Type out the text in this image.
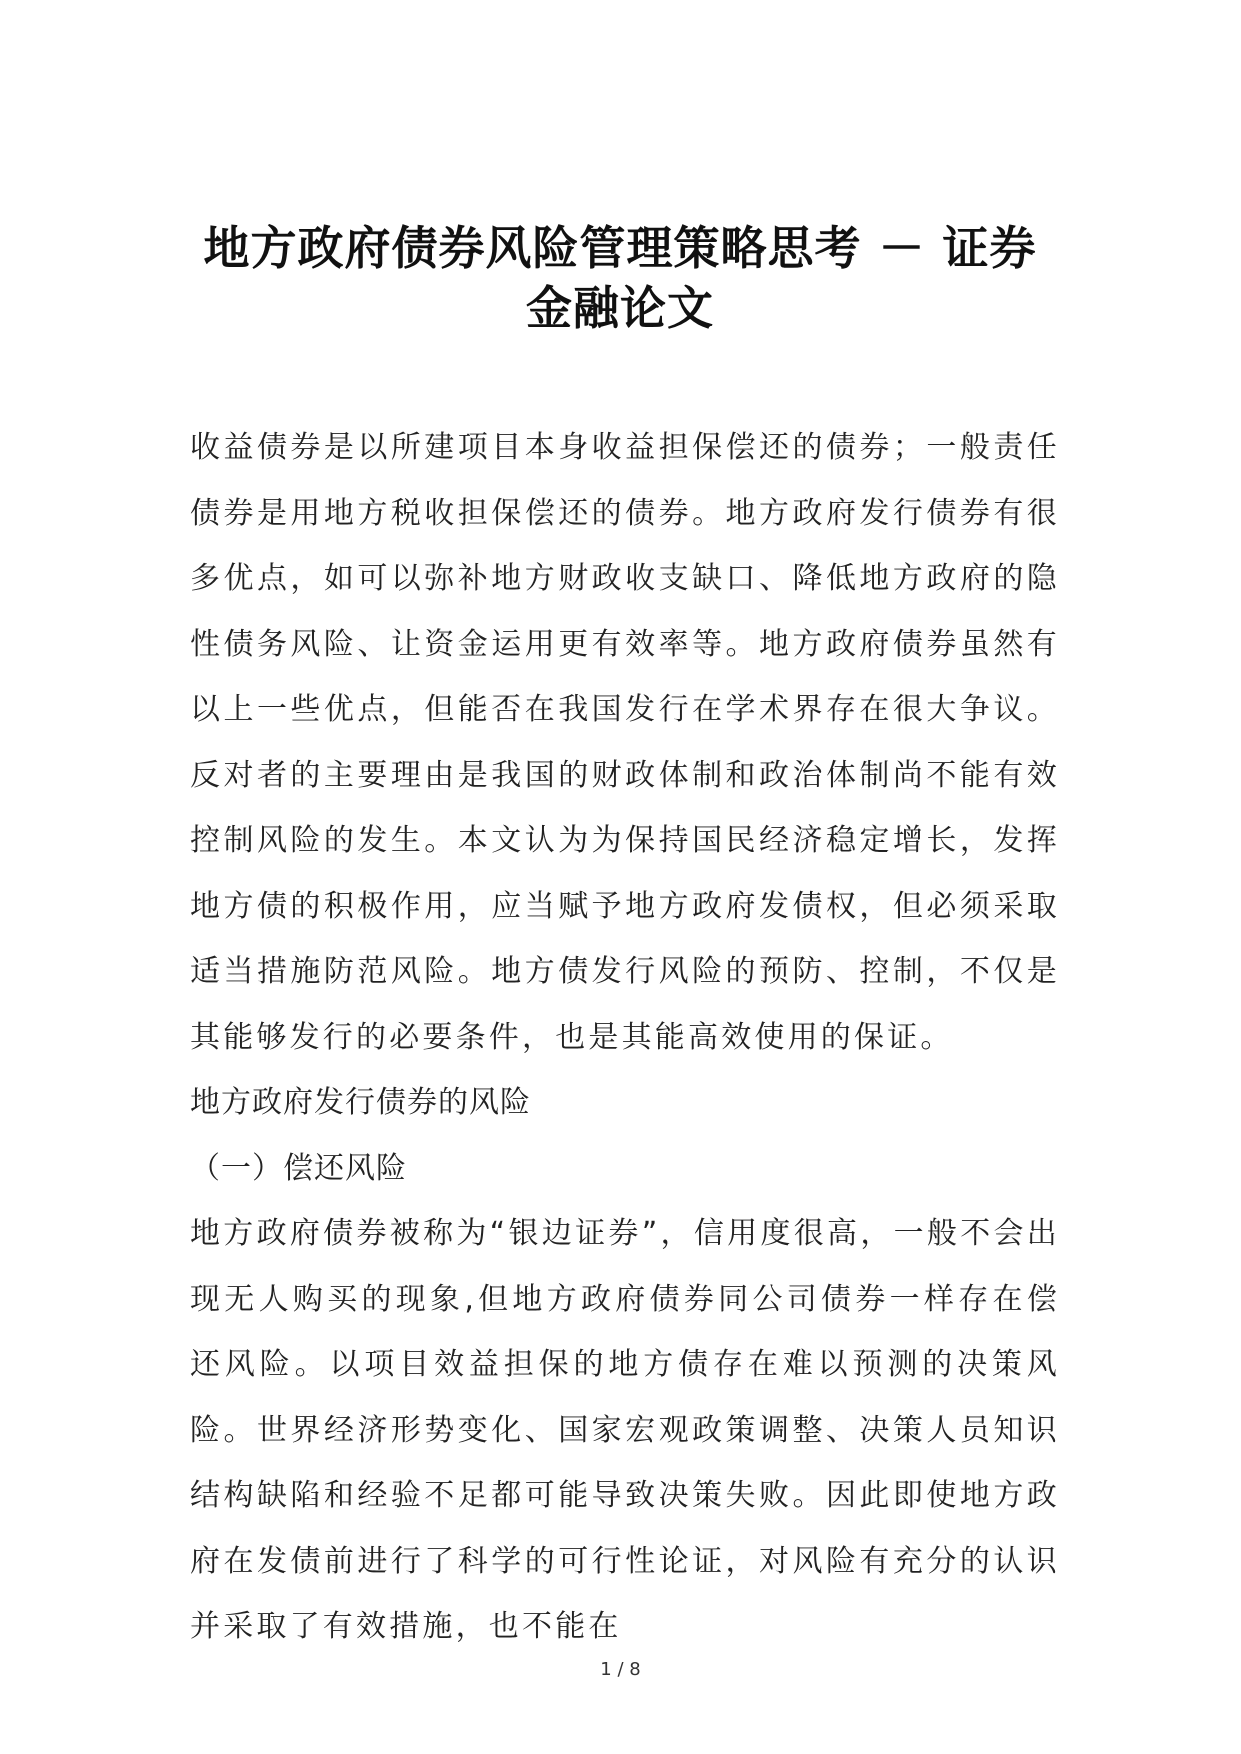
地方政府债券风险管理策略思考 － 证券金融论文

收益债券是以所建项目本身收益担保偿还的债券；一般责任债券是用地方税收担保偿还的债券。地方政府发行债券有很多优点，如可以弥补地方财政收支缺口、降低地方政府的隐性债务风险、让资金运用更有效率等。地方政府债券虽然有以上一些优点，但能否在我国发行在学术界存在很大争议。反对者的主要理由是我国的财政体制和政治体制尚不能有效控制风险的发生。本文认为为保持国民经济稳定增长，发挥地方债的积极作用，应当赋予地方政府发债权，但必须采取适当措施防范风险。地方债发行风险的预防、控制，不仅是其能够发行的必要条件，也是其能高效使用的保证。

地方政府发行债券的风险

（一）偿还风险

地方政府债券被称为“银边证券”，信用度很高，一般不会出现无人购买的现象,但地方政府债券同公司债券一样存在偿还风险。以项目效益担保的地方债存在难以预测的决策风险。世界经济形势变化、国家宏观政策调整、决策人员知识结构缺陷和经验不足都可能导致决策失败。因此即使地方政府在发债前进行了科学的可行性论证，对风险有充分的认识并采取了有效措施，也不能在

1 / 8
